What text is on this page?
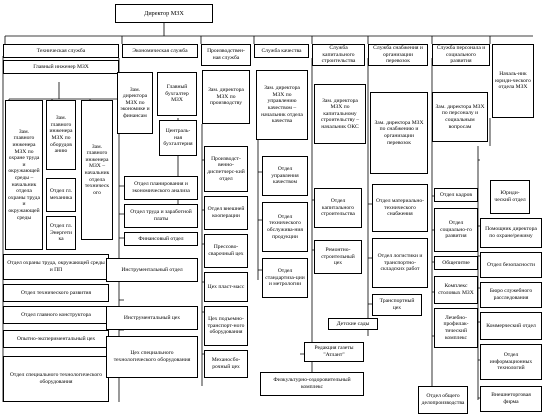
Директор МЗХ
Техническая служба
Главный инженер МЗХ
Зам. главного инженера МЗХ по охране труда и окружающей среды – начальник отдела охраны труда и окружающей среды
Зам. главного инженера МЗХ по оборудованию
Зам. главного инженера МЗХ – начальник отдела технического
Отдел гл. механика
Отдел гл. Энергетика
Отдел охраны труда, окружающей среды и ПП
Отдел технического развития
Отдел главного конструктора
Опытно-экспериментальный цех
Отдел специального технологического оборудования
Экономическая служба
Зам. директора МЗХ по экономике и финансам
Главный бухгалтер МЗХ
Централь-ная бухгалтерия
Отдел планирования и экономического анализа
Отдел труда и заработной платы
Финансовый отдел
Инструментальный отдел
Инструментальный цех
Цех специального технологического оборудования
Производствен-ная служба
Зам. директора МЗХ по производству
Производст-венно-диспетчерс-кий отдел
Отдел внешней кооперации
Прессово-сварочный цех
Цех пласт-масс
Цех подъемно-транспорт-ного оборудования
Механосбо-рочный цех
Служба качества
Зам. директора МЗХ по управлению качеством – начальник отдела качества
Отдел управления качеством
Отдел технического обслужива-ния продукции
Отдел стандартиза-ции и метрологии
Служба капитального строительства
Зам. директора МЗХ по капитальному строительству – начальник ОКС
Отдел капитального строительства
Ремонтно-строительный цех
Служба снабжения и организации перевозок
Зам. директора МЗХ по снабжению и организации перевозок
Отдел материально-технического снабжения
Отдел логистики и транспортно-складских работ
Транспортный цех
Служба персонала и социального развития
Зам. директора МЗХ по персоналу и социальным вопросам
Отдел кадров
Отдел социально-го развития
Общепитие
Комплекс столовых МЗХ
Лечебно-профилак-тический комплекс
Детские сады
Редакция газеты "Атлант"
Физкультурно-оздоровительный комплекс
Отдел общего делопроизводства
Началь-ник юриди-ческого отдела МЗХ
Юриди-ческий отдел
Помощник директора по охране/режиму
Отдел безопасности
Бюро служебного расследования
Коммерческий отдел
Отдел информационных технологий
Внешнеторговая фирма
